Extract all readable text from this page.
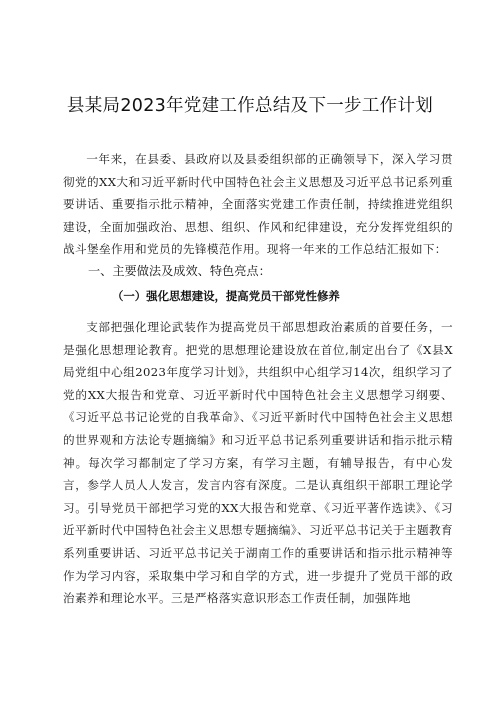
县某局2023年党建工作总结及下一步工作计划

一年来，在县委、县政府以及县委组织部的正确领导下，深入学习贯彻党的XX大和习近平新时代中国特色社会主义思想及习近平总书记系列重要讲话、重要指示批示精神，全面落实党建工作责任制，持续推进党组织建设，全面加强政治、思想、组织、作风和纪律建设，充分发挥党组织的战斗堡垒作用和党员的先锋模范作用。现将一年来的工作总结汇报如下：

一、主要做法及成效、特色亮点：
（一）强化思想建设，提高党员干部党性修养

支部把强化理论武装作为提高党员干部思想政治素质的首要任务，一是强化思想理论教育。把党的思想理论建设放在首位,制定出台了《X县X局党组中心组2023年度学习计划》，共组织中心组学习14次，组织学习了党的XX大报告和党章、习近平新时代中国特色社会主义思想学习纲要、《习近平总书记论党的自我革命》、《习近平新时代中国特色社会主义思想的世界观和方法论专题摘编》和习近平总书记系列重要讲话和指示批示精神。每次学习都制定了学习方案，有学习主题，有辅导报告，有中心发言，参学人员人人发言，发言内容有深度。二是认真组织干部职工理论学习。引导党员干部把学习党的XX大报告和党章、《习近平著作选读》、《习近平新时代中国特色社会主义思想专题摘编》、习近平总书记关于主题教育系列重要讲话、习近平总书记关于湖南工作的重要讲话和指示批示精神等作为学习内容，采取集中学习和自学的方式，进一步提升了党员干部的政治素养和理论水平。三是严格落实意识形态工作责任制，加强阵地
